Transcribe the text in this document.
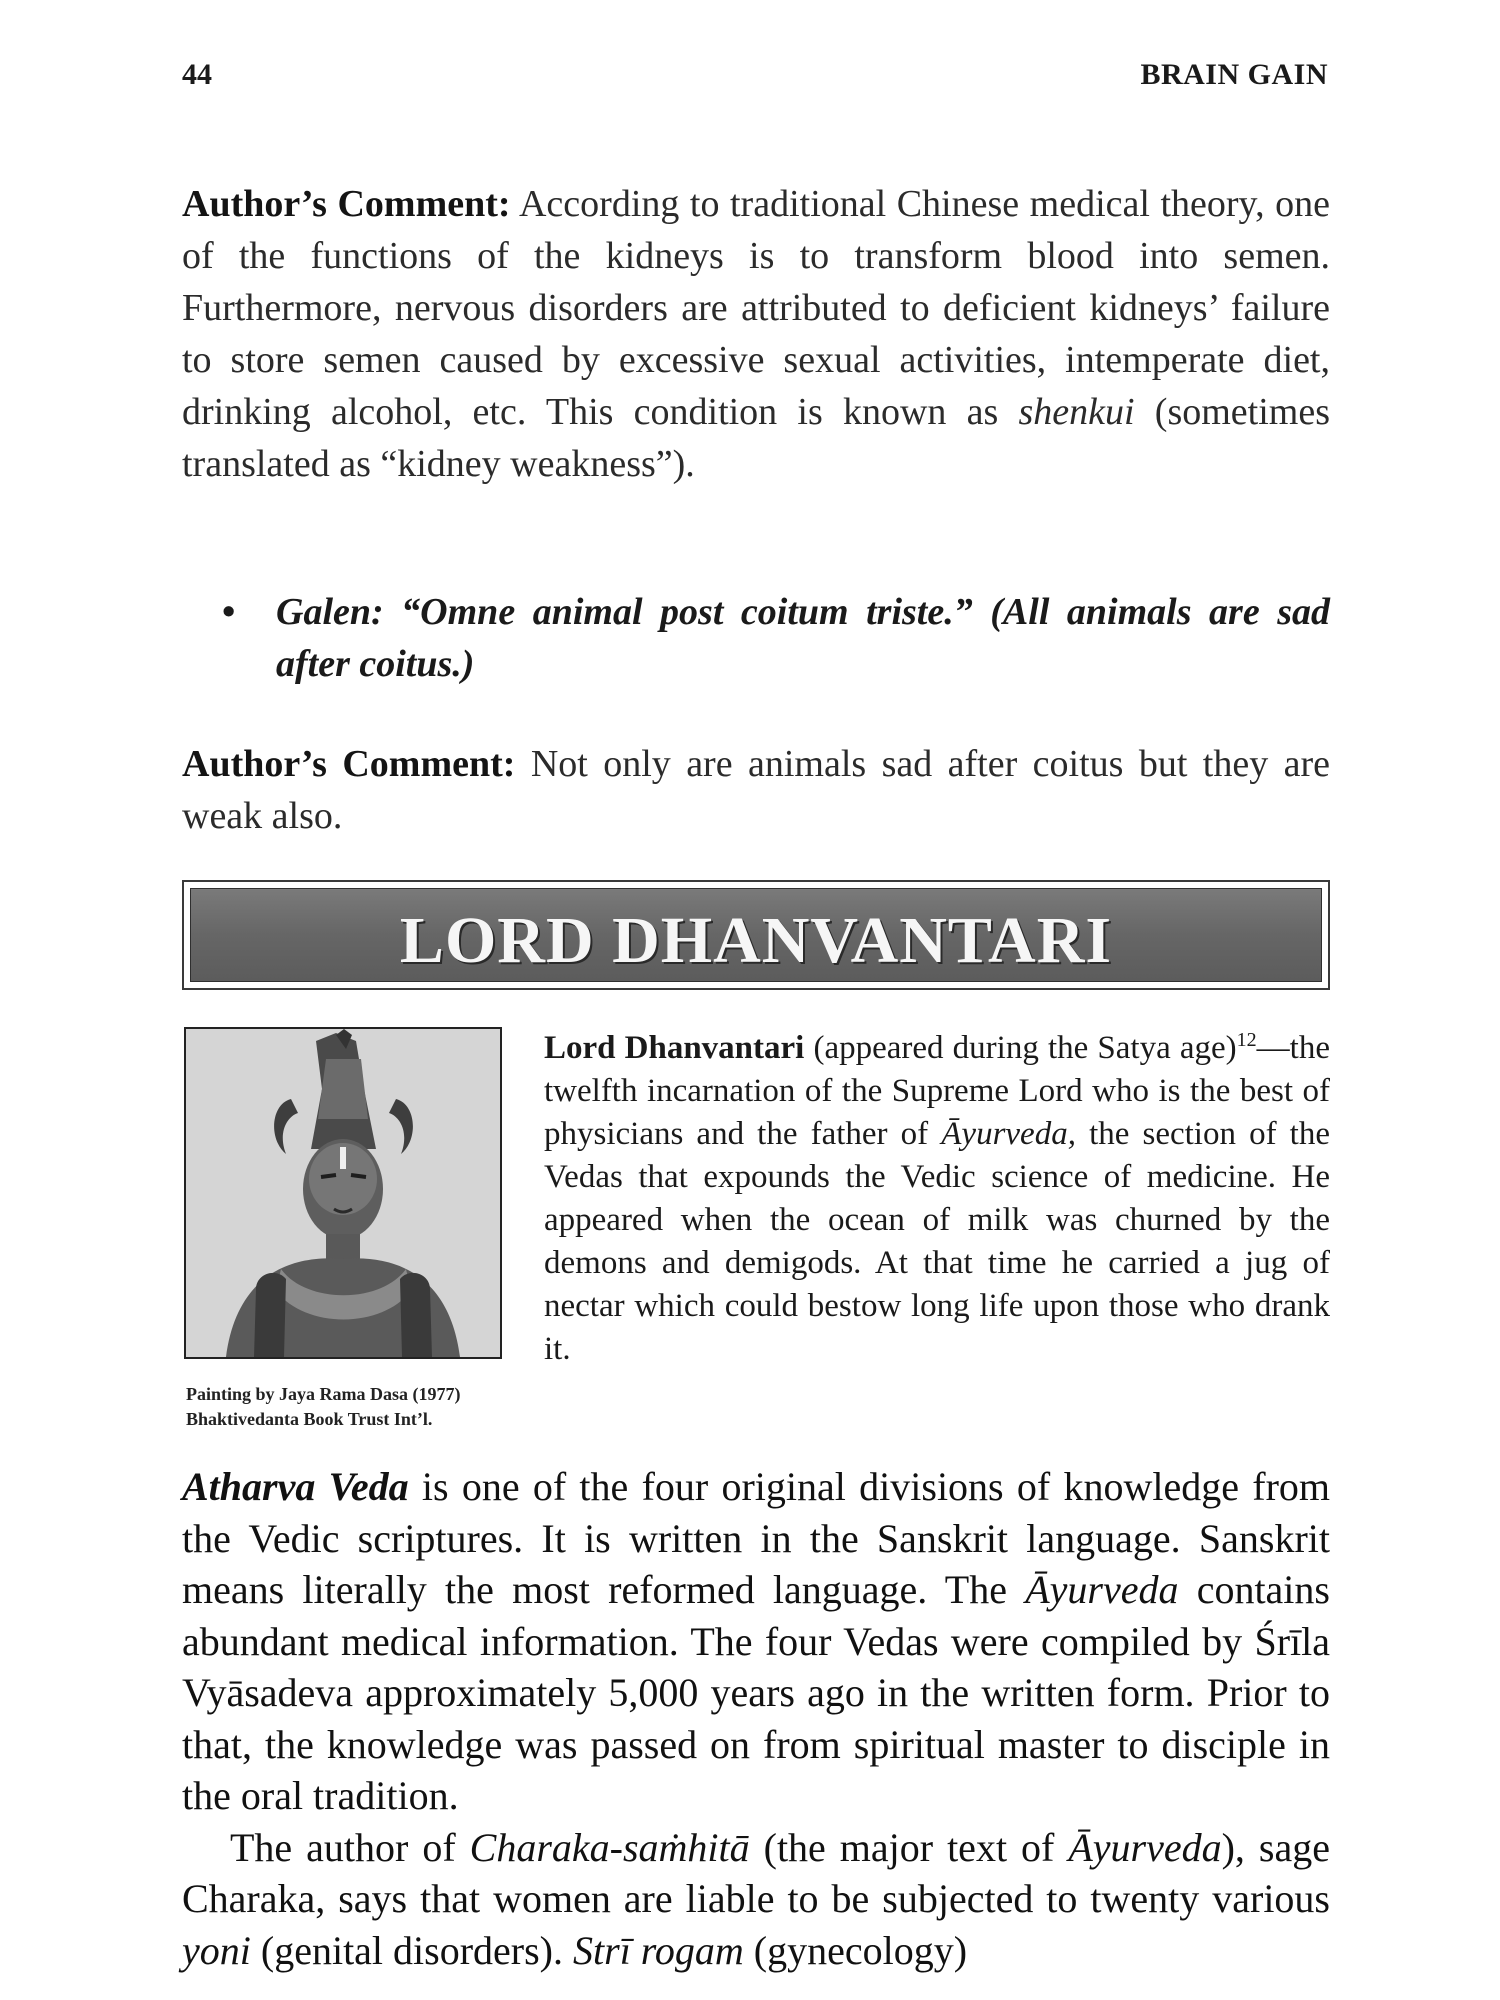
44	BRAIN GAIN
Author’s Comment: According to traditional Chinese medical theory, one of the functions of the kidneys is to transform blood into semen. Furthermore, nervous disorders are attributed to deficient kidneys’ failure to store semen caused by excessive sexual activities, intemperate diet, drinking alcohol, etc. This condition is known as shenkui (sometimes translated as “kidney weakness”).
• Galen: “Omne animal post coitum triste.” (All animals are sad after coitus.)
Author’s Comment: Not only are animals sad after coitus but they are weak also.
LORD DHANVANTARI
Painting by Jaya Rama Dasa (1977)
Bhaktivedanta Book Trust Int’l.
Lord Dhanvantari (appeared during the Satya age)$^{12}$—the twelfth incarnation of the Supreme Lord who is the best of physicians and the father of Āyurveda, the section of the Vedas that expounds the Vedic science of medicine. He appeared when the ocean of milk was churned by the demons and demigods. At that time he carried a jug of nectar which could bestow long life upon those who drank it.

Atharva Veda is one of the four original divisions of knowledge from the Vedic scriptures. It is written in the Sanskrit language. Sanskrit means literally the most reformed language. The Āyurveda contains abundant medical information. The four Vedas were compiled by Śrīla Vyāsadeva approximately 5,000 years ago in the written form. Prior to that, the knowledge was passed on from spiritual master to disciple in the oral tradition.

The author of Charaka-saṁhitā (the major text of Āyurveda), sage Charaka, says that women are liable to be subjected to twenty various yoni (genital disorders). Strī rogam (gynecology)
